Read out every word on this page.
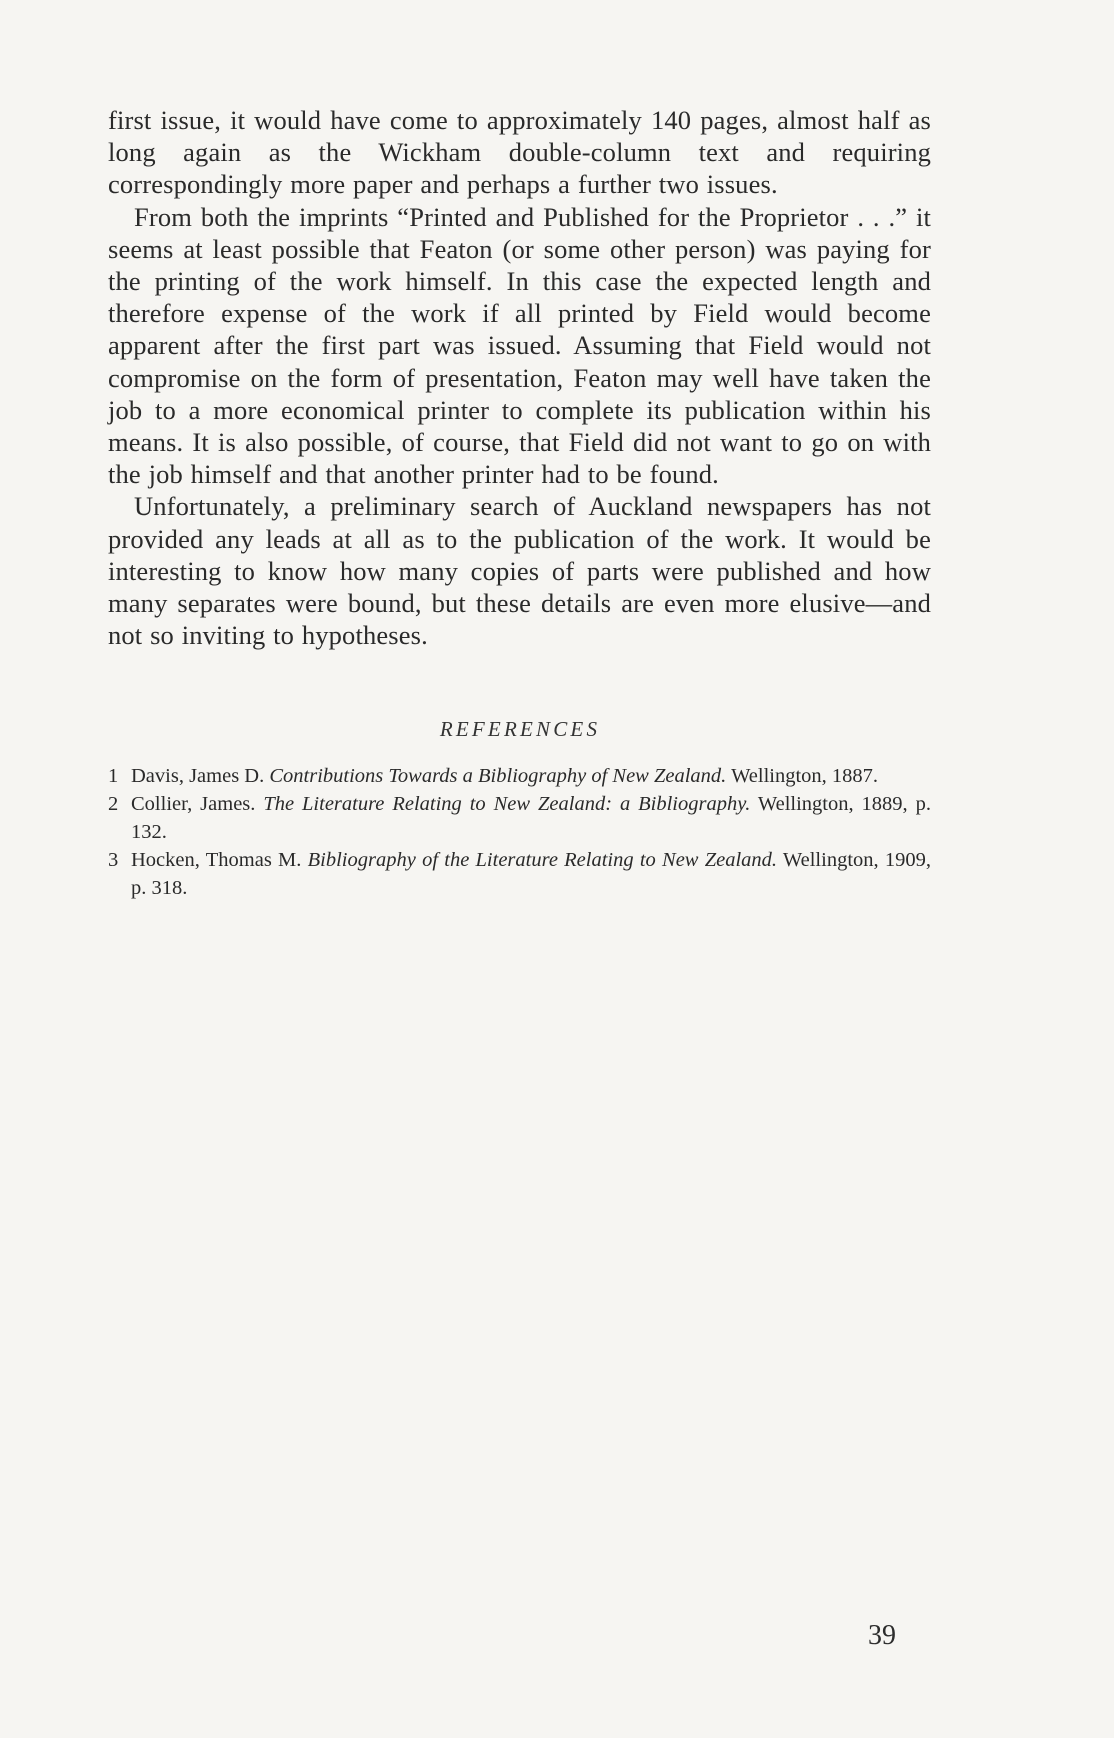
first issue, it would have come to approximately 140 pages, almost half as long again as the Wickham double-column text and requiring correspondingly more paper and perhaps a further two issues.

From both the imprints “Printed and Published for the Proprietor . . .” it seems at least possible that Featon (or some other person) was paying for the printing of the work himself. In this case the expected length and therefore expense of the work if all printed by Field would become apparent after the first part was issued. Assuming that Field would not compromise on the form of presentation, Featon may well have taken the job to a more economical printer to complete its publication within his means. It is also possible, of course, that Field did not want to go on with the job himself and that another printer had to be found.

Unfortunately, a preliminary search of Auckland newspapers has not provided any leads at all as to the publication of the work. It would be interesting to know how many copies of parts were published and how many separates were bound, but these details are even more elusive—and not so inviting to hypotheses.

REFERENCES
1 Davis, James D. Contributions Towards a Bibliography of New Zealand. Wellington, 1887.
2 Collier, James. The Literature Relating to New Zealand: a Bibliography. Wellington, 1889, p. 132.
3 Hocken, Thomas M. Bibliography of the Literature Relating to New Zealand. Wellington, 1909, p. 318.
39
